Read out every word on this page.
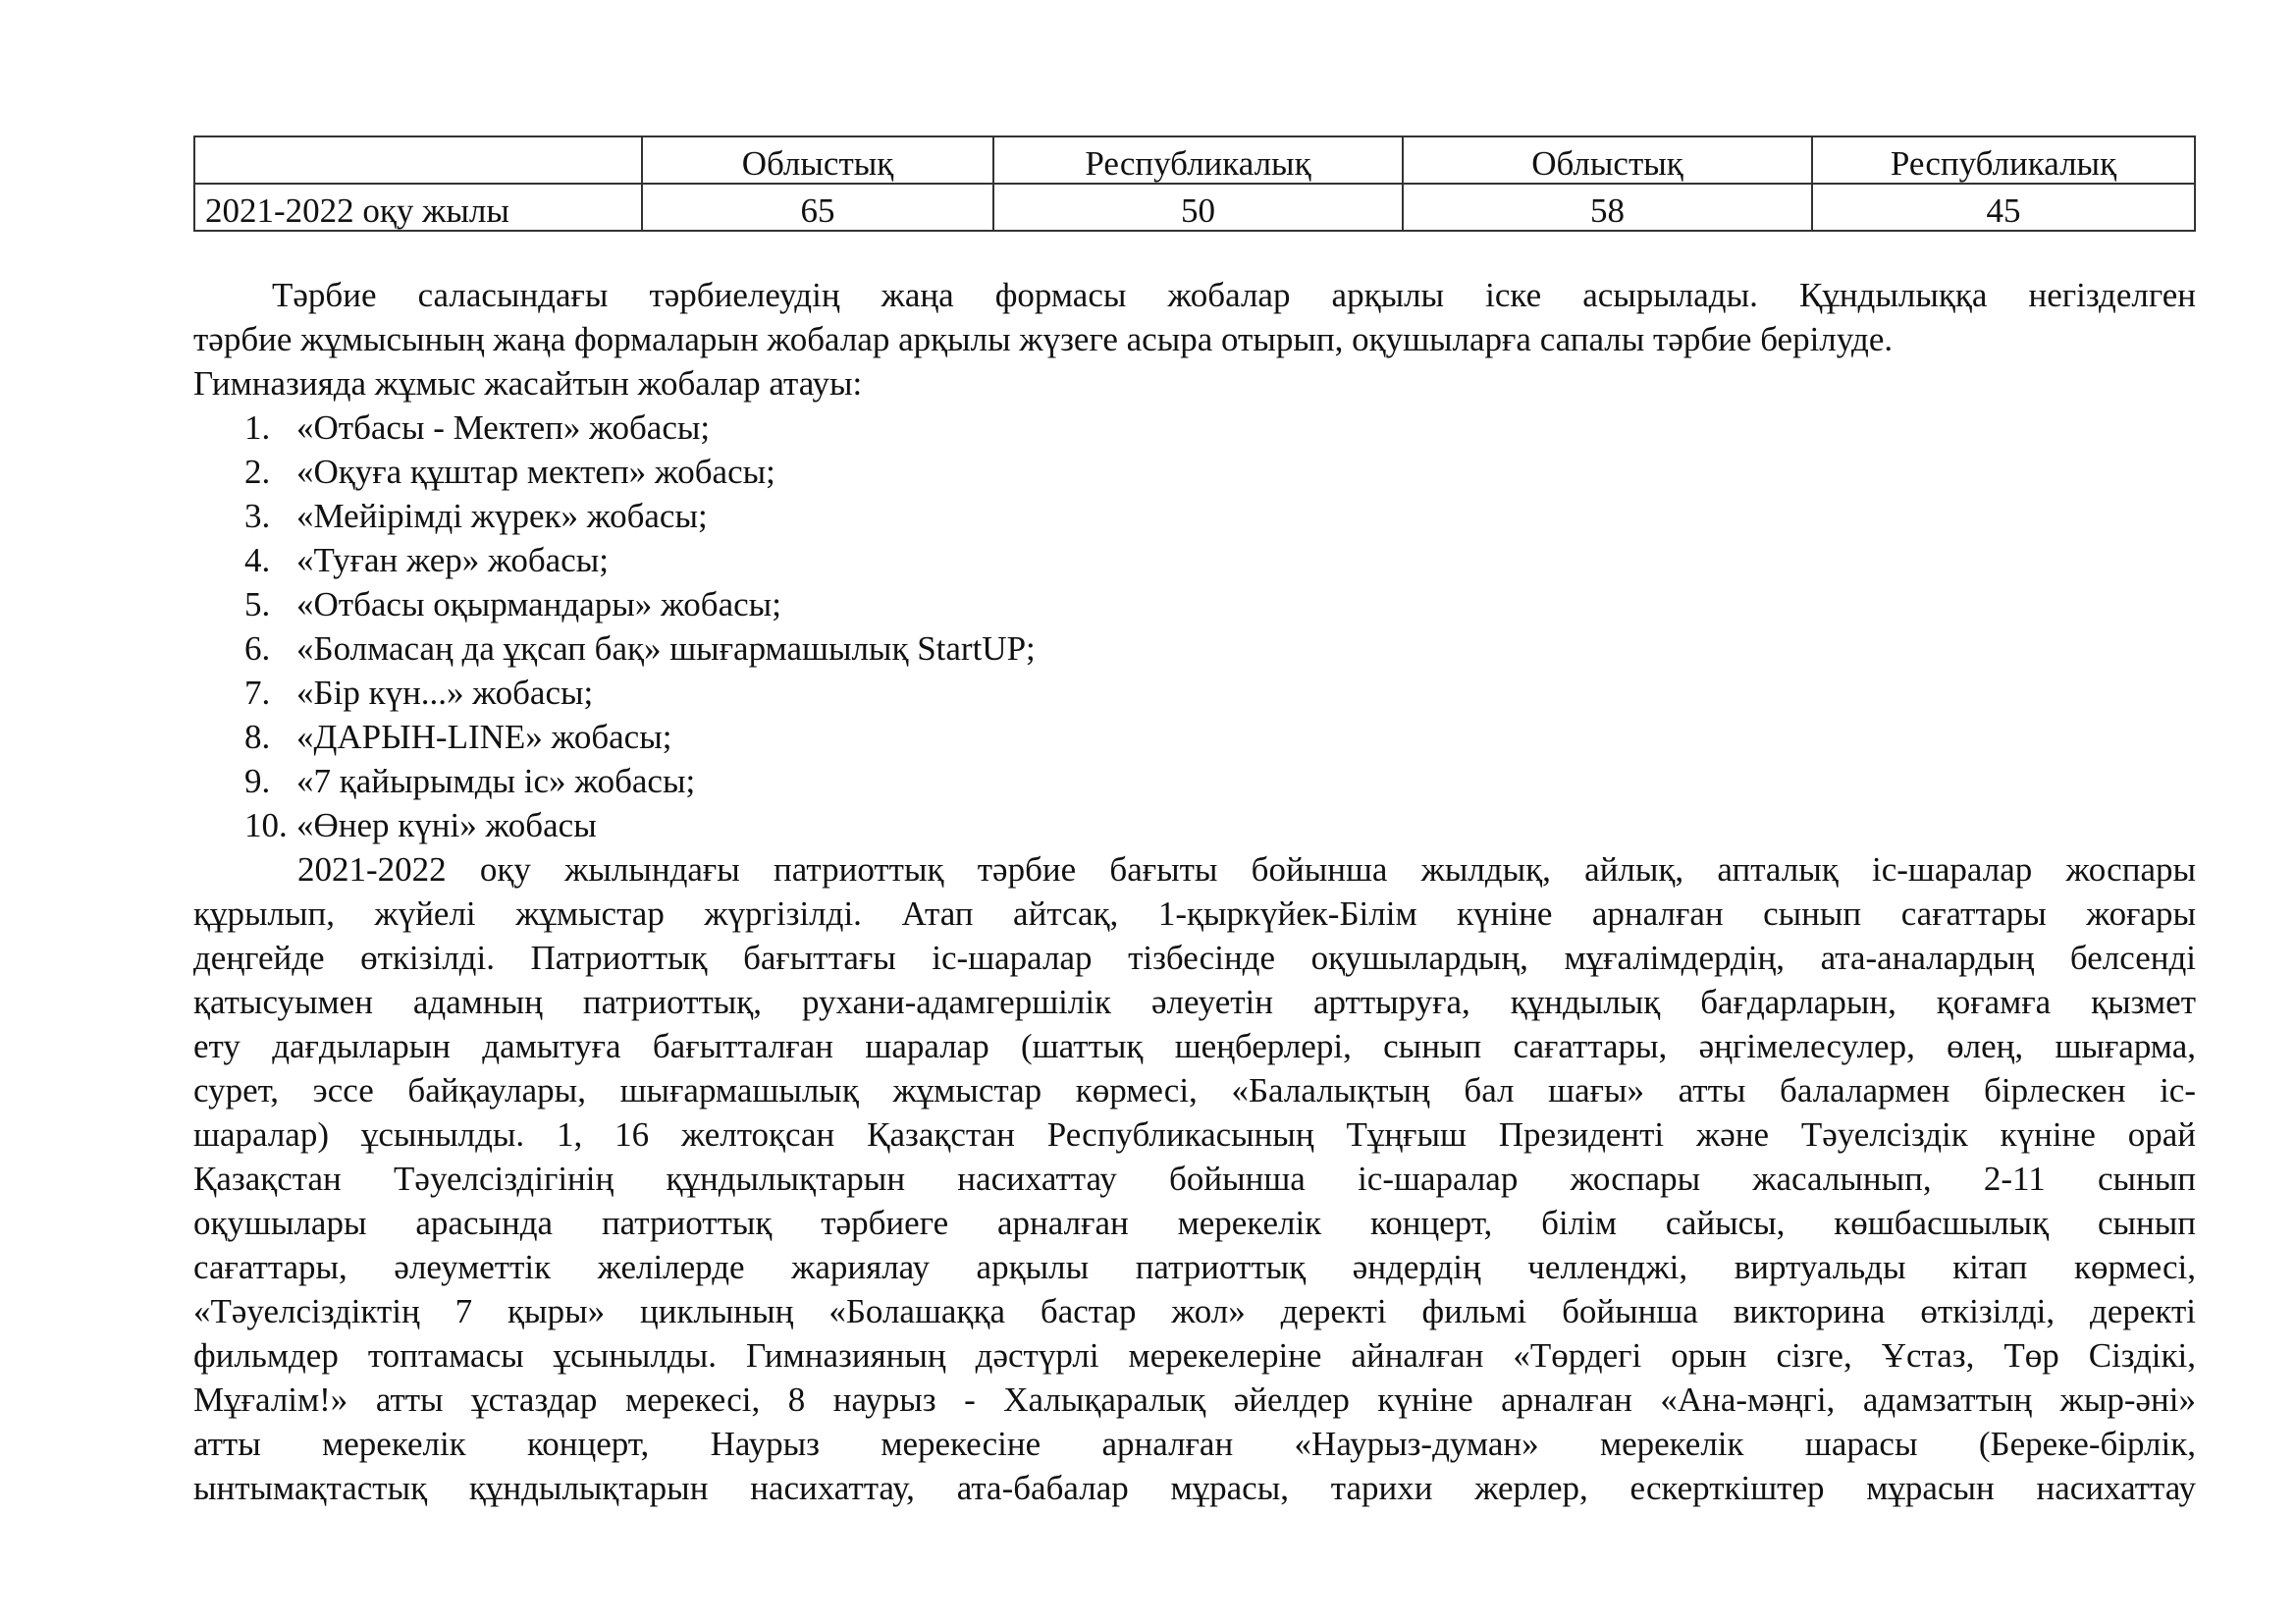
	Облыстық	Республикалық	Облыстық	Республикалық
2021-2022 оқу жылы	65	50	58	45
Тәрбие саласындағы тәрбиелеудің жаңа формасы жобалар арқылы іске асырылады. Құндылыққа негізделген
тәрбие жұмысының жаңа формаларын жобалар арқылы жүзеге асыра отырып, оқушыларға сапалы тәрбие берілуде.
Гимназияда жұмыс жасайтын жобалар атауы:
1. «Отбасы - Мектеп» жобасы;
2. «Оқуға құштар мектеп» жобасы;
3. «Мейірімді жүрек» жобасы;
4. «Туған жер» жобасы;
5. «Отбасы оқырмандары» жобасы;
6. «Болмасаң да ұқсап бақ» шығармашылық StartUP;
7. «Бір күн...» жобасы;
8. «ДАРЫН-LINE» жобасы;
9. «7 қайырымды іс» жобасы;
10. «Өнер күні» жобасы
2021-2022 оқу жылындағы патриоттық тәрбие бағыты бойынша жылдық, айлық, апталық іс-шаралар жоспары
құрылып, жүйелі жұмыстар жүргізілді. Атап айтсақ, 1-қыркүйек-Білім күніне арналған сынып сағаттары жоғары
деңгейде өткізілді. Патриоттық бағыттағы іс-шаралар тізбесінде оқушылардың, мұғалімдердің, ата-аналардың белсенді
қатысуымен адамның патриоттық, рухани-адамгершілік әлеуетін арттыруға, құндылық бағдарларын, қоғамға қызмет
ету дағдыларын дамытуға бағытталған шаралар (шаттық шеңберлері, сынып сағаттары, әңгімелесулер, өлең, шығарма,
сурет, эссе байқаулары, шығармашылық жұмыстар көрмесі, «Балалықтың бал шағы» атты балалармен бірлескен іс-
шаралар) ұсынылды. 1, 16 желтоқсан Қазақстан Республикасының Тұңғыш Президенті және Тәуелсіздік күніне орай
Қазақстан Тәуелсіздігінің құндылықтарын насихаттау бойынша іс-шаралар жоспары жасалынып, 2-11 сынып
оқушылары арасында патриоттық тәрбиеге арналған мерекелік концерт, білім сайысы, көшбасшылық сынып
сағаттары, әлеуметтік желілерде жариялау арқылы патриоттық әндердің челленджі, виртуальды кітап көрмесі,
«Тәуелсіздіктің 7 қыры» циклының «Болашаққа бастар жол» деректі фильмі бойынша викторина өткізілді, деректі
фильмдер топтамасы ұсынылды. Гимназияның дәстүрлі мерекелеріне айналған «Төрдегі орын сізге, Ұстаз, Төр Сіздікі,
Мұғалім!» атты ұстаздар мерекесі, 8 наурыз - Халықаралық әйелдер күніне арналған «Ана-мәңгі, адамзаттың жыр-әні»
атты мерекелік концерт, Наурыз мерекесіне арналған «Наурыз-думан» мерекелік шарасы (Береке-бірлік,
ынтымақтастық құндылықтарын насихаттау, ата-бабалар мұрасы, тарихи жерлер, ескерткіштер мұрасын насихаттау
